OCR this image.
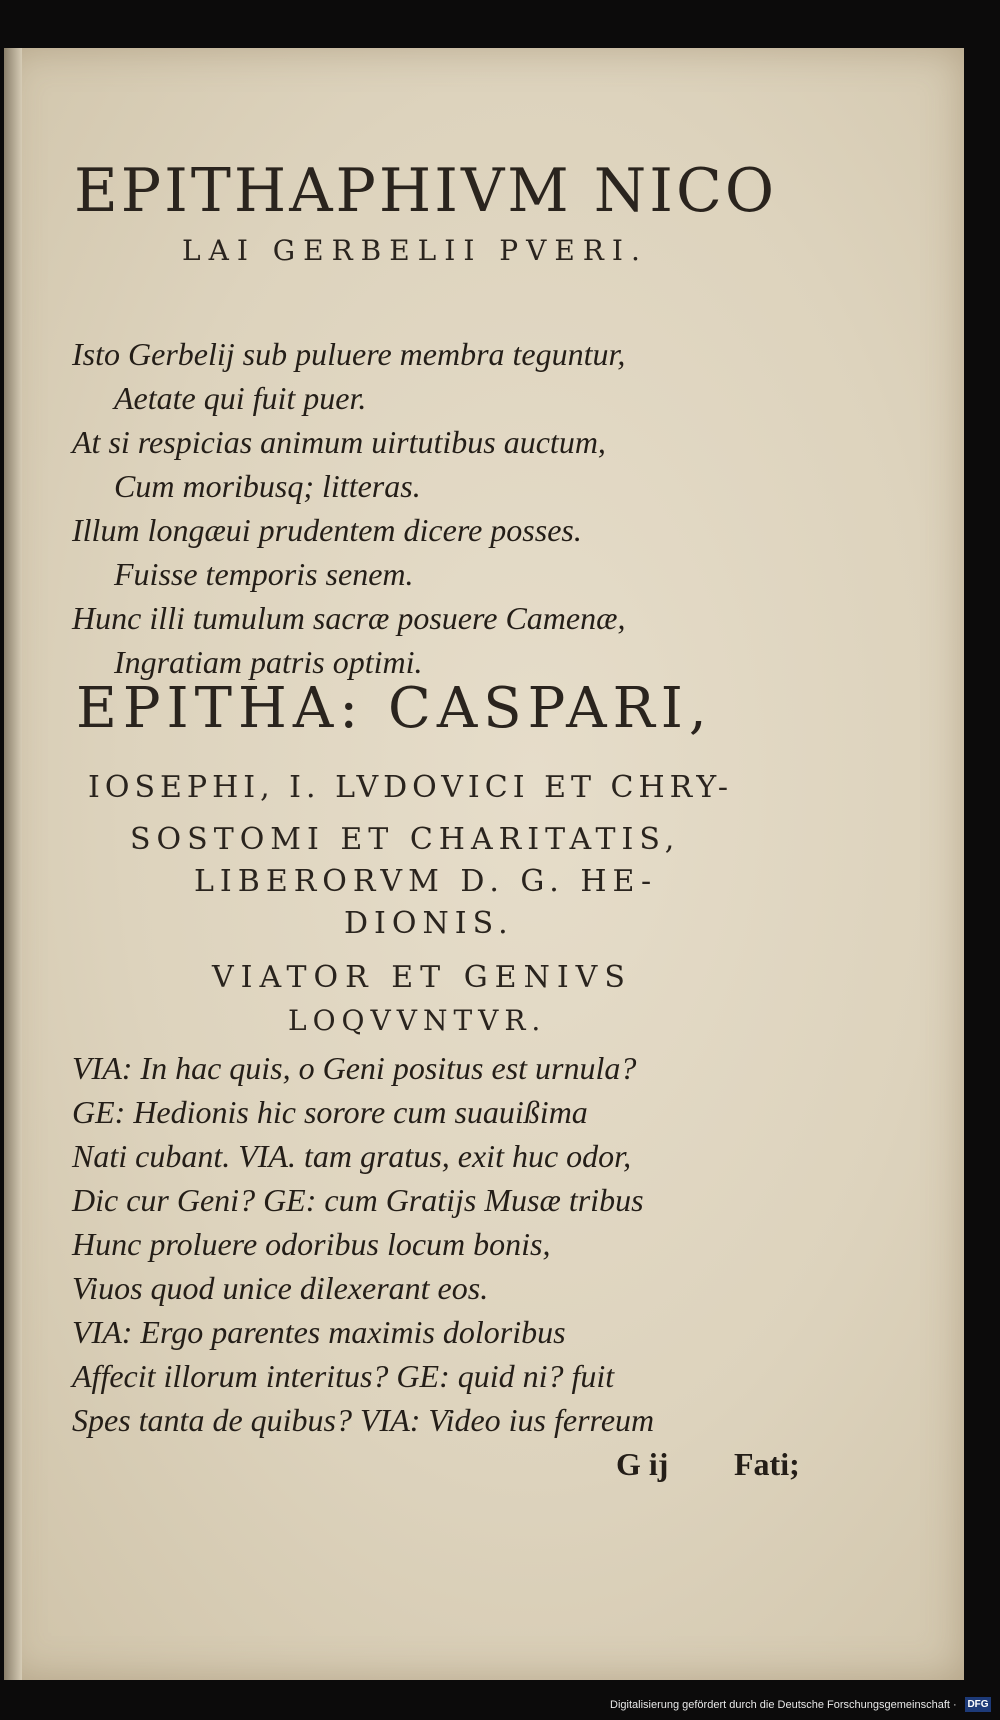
EPITHAPHIVM NICO
LAI GERBELII PVERI.
Isto Gerbelij sub puluere membra teguntur,
Aetate qui fuit puer.
At si respicias animum uirtutibus auctum,
Cum moribusq; litteras.
Illum longæui prudentem dicere posses.
Fuisse temporis senem.
Hunc illi tumulum sacræ posuere Camenæ,
Ingratiam patris optimi.
EPITHA: CASPARI,
IOSEPHI, I. LVDOVICI ET CHRY-
SOSTOMI ET CHARITATIS,
LIBERORVM D. G. HE-
DIONIS.
VIATOR ET GENIVS
LOQVVNTVR.
VIA: In hac quis, o Geni positus est urnula?
GE: Hedionis hic sorore cum suauißima
Nati cubant. VIA. tam gratus, exit huc odor,
Dic cur Geni? GE: cum Gratijs Musæ tribus
Hunc proluere odoribus locum bonis,
Viuos quod unice dilexerant eos.
VIA: Ergo parentes maximis doloribus
Affecit illorum interitus? GE: quid ni? fuit
Spes tanta de quibus? VIA: Video ius ferreum
G ij Fati;
Digitalisierung gefördert durch die Deutsche Forschungsgemeinschaft · DFG
